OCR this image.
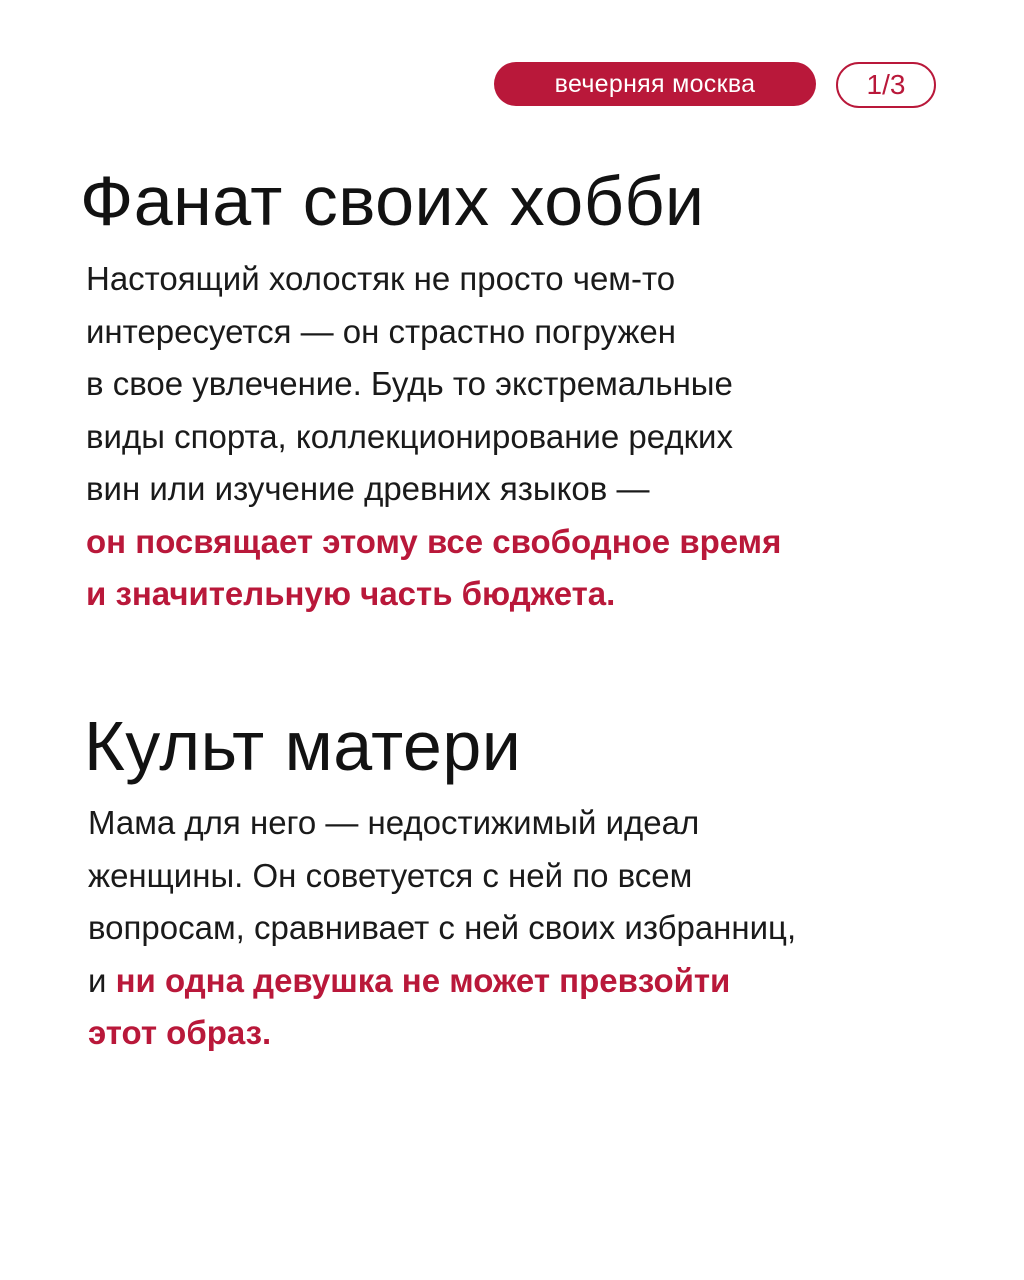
вечерняя москва	1/3
Фанат своих хобби
Настоящий холостяк не просто чем-то
интересуется — он страстно погружен
в свое увлечение. Будь то экстремальные
виды спорта, коллекционирование редких
вин или изучение древних языков —
он посвящает этому все свободное время
и значительную часть бюджета.
Культ матери
Мама для него — недостижимый идеал
женщины. Он советуется с ней по всем
вопросам, сравнивает с ней своих избранниц,
и ни одна девушка не может превзойти
этот образ.
